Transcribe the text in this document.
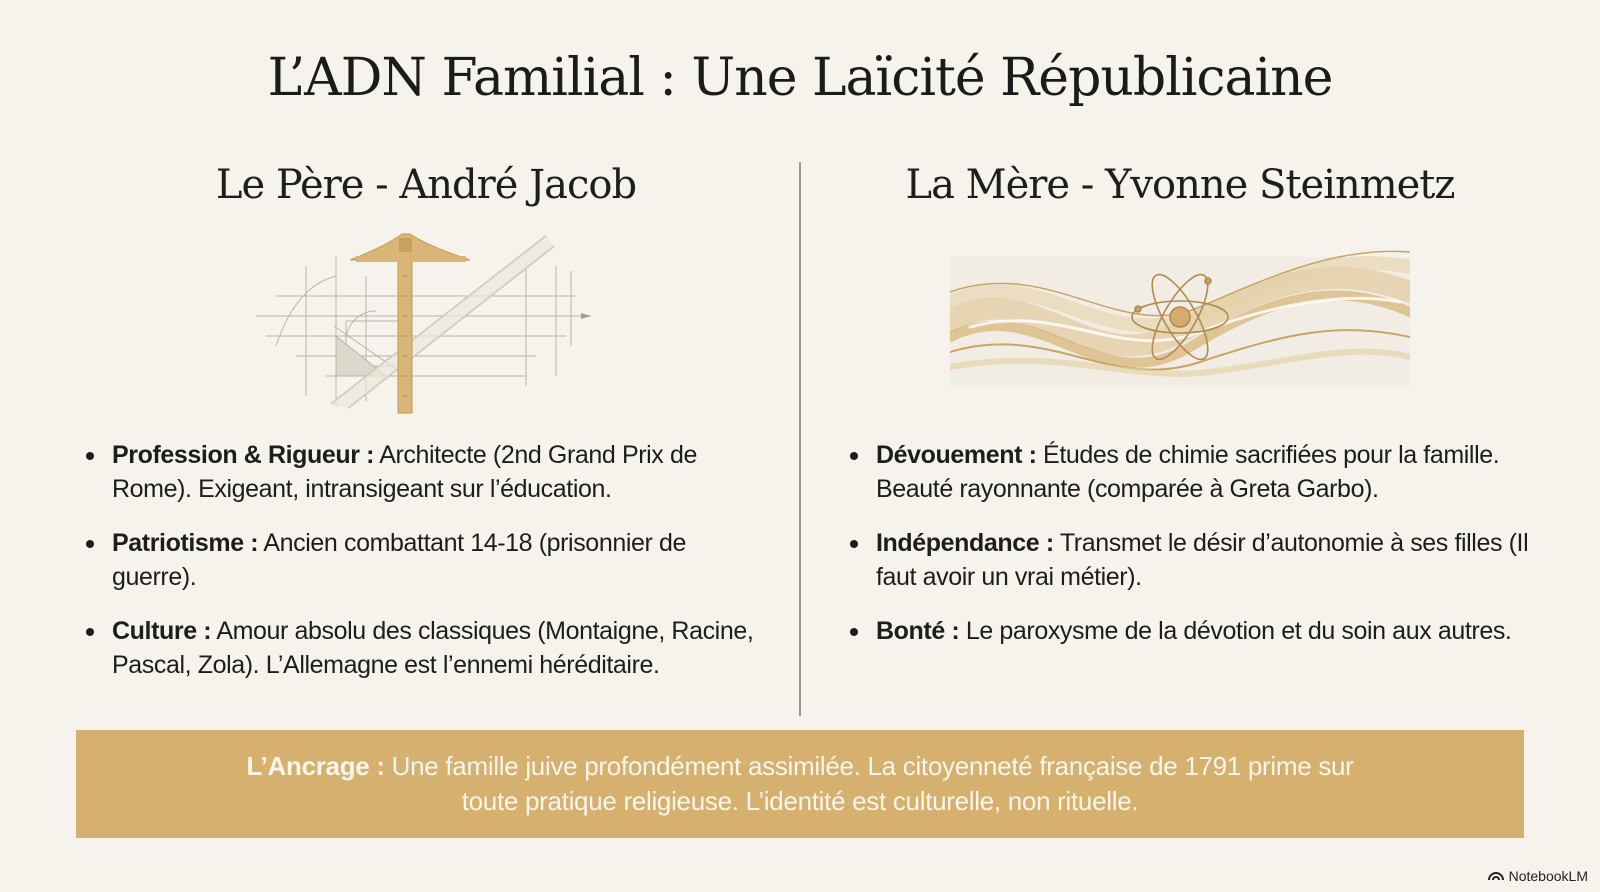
L’ADN Familial : Une Laïcité Républicaine
Le Père - André Jacob
Profession & Rigueur : Architecte (2nd Grand Prix de Rome). Exigeant, intransigeant sur l’éducation.
Patriotisme : Ancien combattant 14-18 (prisonnier de guerre).
Culture : Amour absolu des classiques (Montaigne, Racine, Pascal, Zola). L’Allemagne est l’ennemi héréditaire.
La Mère - Yvonne Steinmetz
Dévouement : Études de chimie sacrifiées pour la famille. Beauté rayonnante (comparée à Greta Garbo).
Indépendance : Transmet le désir d’autonomie à ses filles (Il faut avoir un vrai métier).
Bonté : Le paroxysme de la dévotion et du soin aux autres.
L’Ancrage : Une famille juive profondément assimilée. La citoyenneté française de 1791 prime sur
toute pratique religieuse. L’identité est culturelle, non rituelle.
NotebookLM
